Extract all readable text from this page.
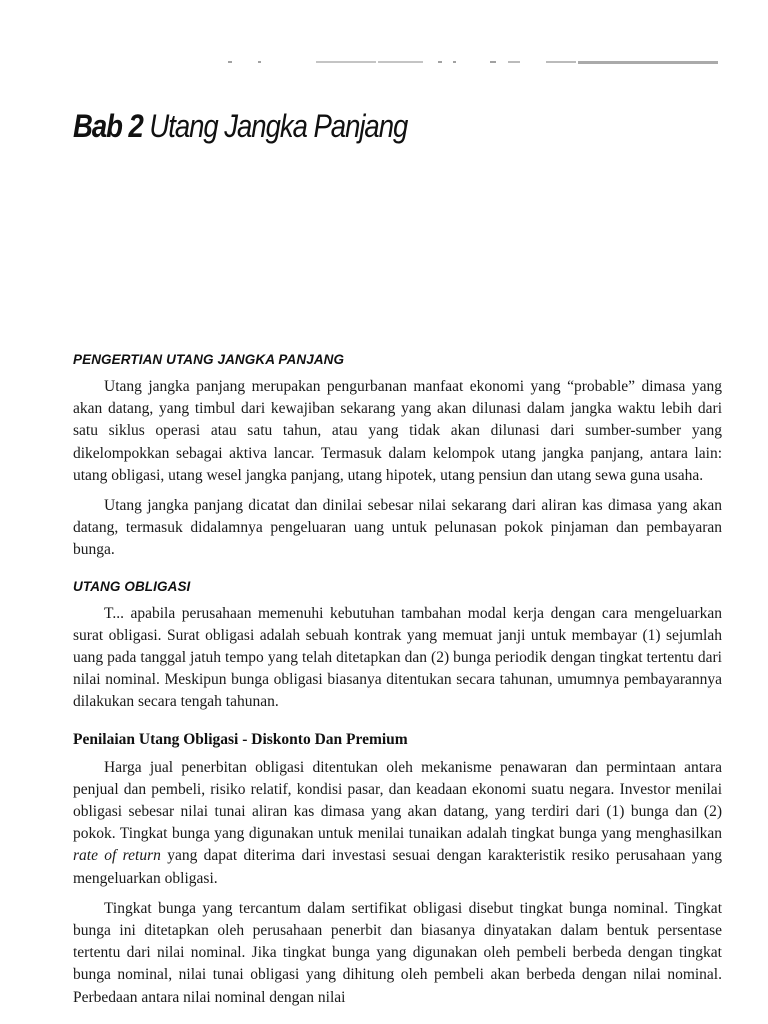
Bab 2 Utang Jangka Panjang
PENGERTIAN UTANG JANGKA PANJANG

Utang jangka panjang merupakan pengurbanan manfaat ekonomi yang “probable” dimasa yang akan datang, yang timbul dari kewajiban sekarang yang akan dilunasi dalam jangka waktu lebih dari satu siklus operasi atau satu tahun, atau yang tidak akan dilunasi dari sumber-sumber yang dikelompokkan sebagai aktiva lancar. Termasuk dalam kelompok utang jangka panjang, antara lain: utang obligasi, utang wesel jangka panjang, utang hipotek, utang pensiun dan utang sewa guna usaha.

Utang jangka panjang dicatat dan dinilai sebesar nilai sekarang dari aliran kas dimasa yang akan datang, termasuk didalamnya pengeluaran uang untuk pelunasan pokok pinjaman dan pembayaran bunga.

UTANG OBLIGASI

T... apabila perusahaan memenuhi kebutuhan tambahan modal kerja dengan cara mengeluarkan surat obligasi. Surat obligasi adalah sebuah kontrak yang memuat janji untuk membayar (1) sejumlah uang pada tanggal jatuh tempo yang telah ditetapkan dan (2) bunga periodik dengan tingkat tertentu dari nilai nominal. Meskipun bunga obligasi biasanya ditentukan secara tahunan, umumnya pembayarannya dilakukan secara tengah tahunan.

Penilaian Utang Obligasi - Diskonto Dan Premium

Harga jual penerbitan obligasi ditentukan oleh mekanisme penawaran dan permintaan antara penjual dan pembeli, risiko relatif, kondisi pasar, dan keadaan ekonomi suatu negara. Investor menilai obligasi sebesar nilai tunai aliran kas dimasa yang akan datang, yang terdiri dari (1) bunga dan (2) pokok. Tingkat bunga yang digunakan untuk menilai tunaikan adalah tingkat bunga yang menghasilkan rate of return yang dapat diterima dari investasi sesuai dengan karakteristik resiko perusahaan yang mengeluarkan obligasi.

Tingkat bunga yang tercantum dalam sertifikat obligasi disebut tingkat bunga nominal. Tingkat bunga ini ditetapkan oleh perusahaan penerbit dan biasanya dinyatakan dalam bentuk persentase tertentu dari nilai nominal. Jika tingkat bunga yang digunakan oleh pembeli berbeda dengan tingkat bunga nominal, nilai tunai obligasi yang dihitung oleh pembeli akan berbeda dengan nilai nominal. Perbedaan antara nilai nominal dengan nilai
